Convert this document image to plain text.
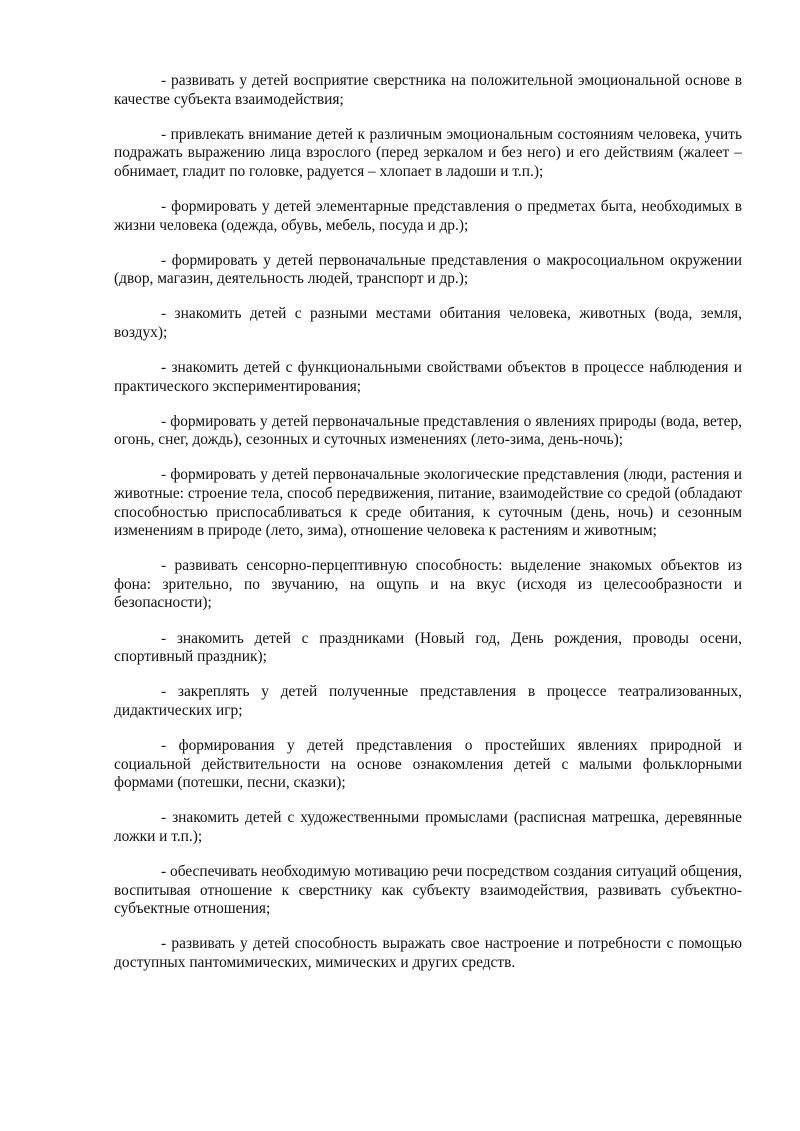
- развивать у детей восприятие сверстника на положительной эмоциональной основе в качестве субъекта взаимодействия;

- привлекать внимание детей к различным эмоциональным состояниям человека, учить подражать выражению лица взрослого (перед зеркалом и без него) и его действиям (жалеет – обнимает, гладит по головке, радуется – хлопает в ладоши и т.п.);

- формировать у детей элементарные представления о предметах быта, необходимых в жизни человека (одежда, обувь, мебель, посуда и др.);

- формировать у детей первоначальные представления о макросоциальном окружении (двор, магазин, деятельность людей, транспорт и др.);

- знакомить детей с разными местами обитания человека, животных (вода, земля, воздух);

- знакомить детей с функциональными свойствами объектов в процессе наблюдения и практического экспериментирования;

- формировать у детей первоначальные представления о явлениях природы (вода, ветер, огонь, снег, дождь), сезонных и суточных изменениях (лето-зима, день-ночь);

- формировать у детей первоначальные экологические представления (люди, растения и животные: строение тела, способ передвижения, питание, взаимодействие со средой (обладают способностью приспосабливаться к среде обитания, к суточным (день, ночь) и сезонным изменениям в природе (лето, зима), отношение человека к растениям и животным;

- развивать сенсорно-перцептивную способность: выделение знакомых объектов из фона: зрительно, по звучанию, на ощупь и на вкус (исходя из целесообразности и безопасности);

- знакомить детей с праздниками (Новый год, День рождения, проводы осени, спортивный праздник);

- закреплять у детей полученные представления в процессе театрализованных, дидактических игр;

- формирования у детей представления о простейших явлениях природной и социальной действительности на основе ознакомления детей с малыми фольклорными формами (потешки, песни, сказки);

- знакомить детей с художественными промыслами (расписная матрешка, деревянные ложки и т.п.);

- обеспечивать необходимую мотивацию речи посредством создания ситуаций общения, воспитывая отношение к сверстнику как субъекту взаимодействия, развивать субъектно-субъектные отношения;

- развивать у детей способность выражать свое настроение и потребности с помощью доступных пантомимических, мимических и других средств.
